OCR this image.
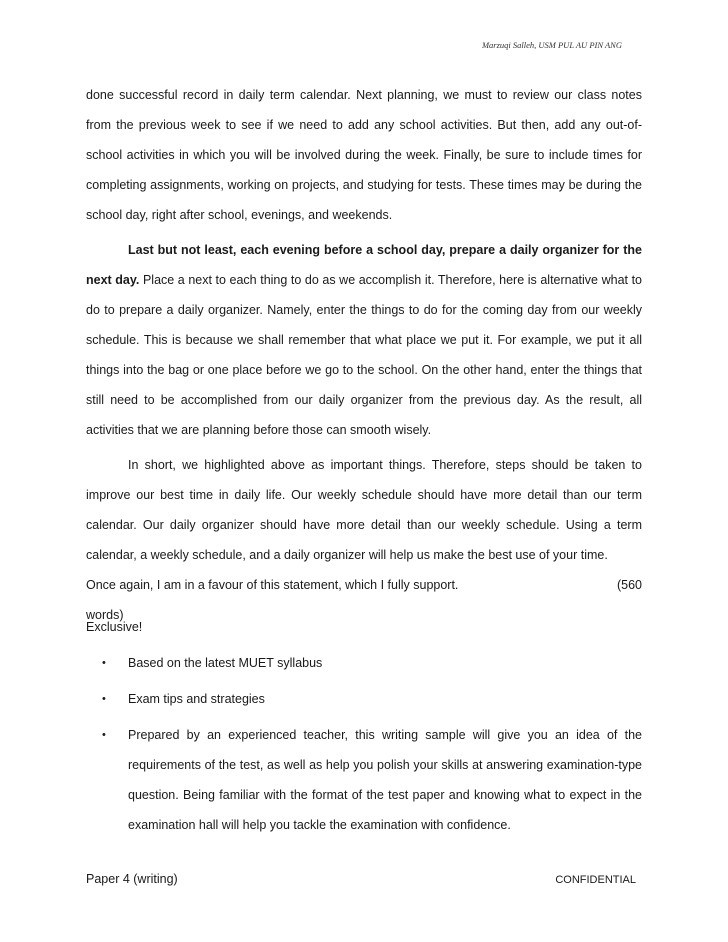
Marzuqi Salleh, USM PUL AU PIN ANG

done successful record in daily term calendar. Next planning, we must to review our class notes from the previous week to see if we need to add any school activities. But then, add any out-of-school activities in which you will be involved during the week. Finally, be sure to include times for completing assignments, working on projects, and studying for tests. These times may be during the school day, right after school, evenings, and weekends.

Last but not least, each evening before a school day, prepare a daily organizer for the next day. Place a next to each thing to do as we accomplish it. Therefore, here is alternative what to do to prepare a daily organizer. Namely, enter the things to do for the coming day from our weekly schedule. This is because we shall remember that what place we put it. For example, we put it all things into the bag or one place before we go to the school. On the other hand, enter the things that still need to be accomplished from our daily organizer from the previous day. As the result, all activities that we are planning before those can smooth wisely.

In short, we highlighted above as important things. Therefore, steps should be taken to improve our best time in daily life. Our weekly schedule should have more detail than our term calendar. Our daily organizer should have more detail than our weekly schedule. Using a term calendar, a weekly schedule, and a daily organizer will help us make the best use of your time.

Once again, I am in a favour of this statement, which I fully support.	(560
words)
Exclusive!
• Based on the latest MUET syllabus
• Exam tips and strategies
• Prepared by an experienced teacher, this writing sample will give you an idea of the requirements of the test, as well as help you polish your skills at answering examination-type question. Being familiar with the format of the test paper and knowing what to expect in the examination hall will help you tackle the examination with confidence.
Paper 4 (writing)	CONFIDENTIAL
